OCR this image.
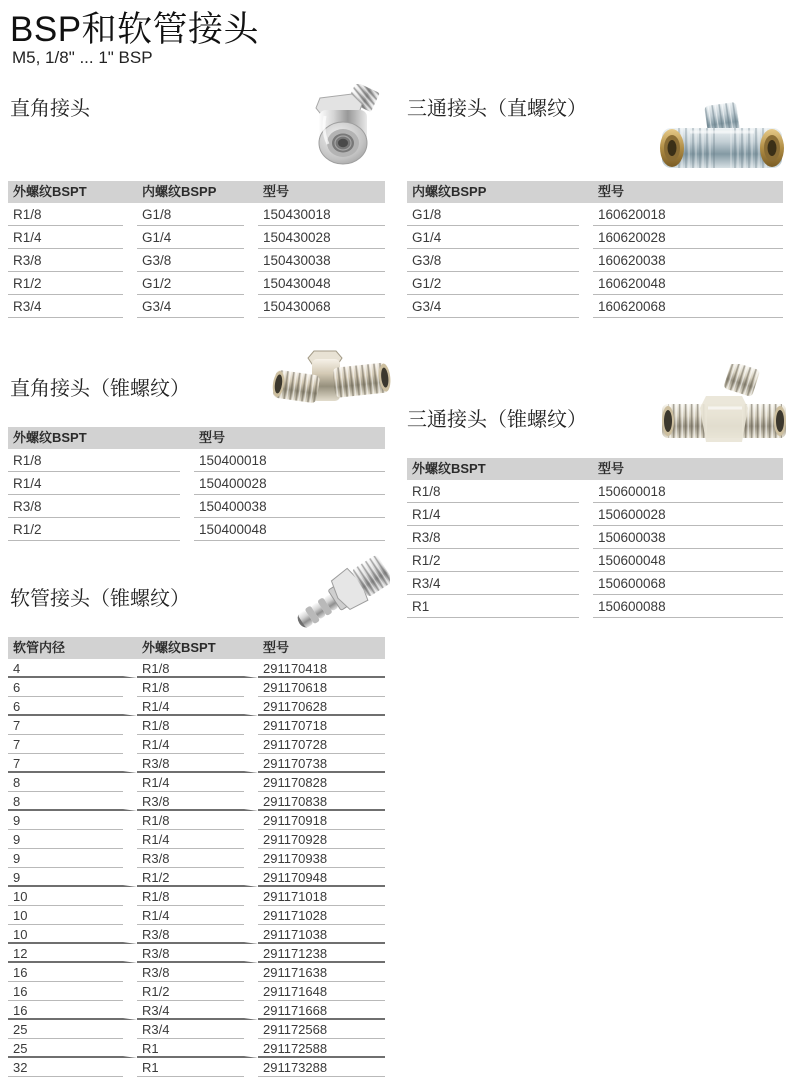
BSP和软管接头
M5, 1/8" ... 1" BSP
直角接头
外螺纹BSPT	内螺纹BSPP	型号
R1/8	G1/8	150430018
R1/4	G1/4	150430028
R3/8	G3/8	150430038
R1/2	G1/2	150430048
R3/4	G3/4	150430068
三通接头（直螺纹）
内螺纹BSPP	型号
G1/8	160620018
G1/4	160620028
G3/8	160620038
G1/2	160620048
G3/4	160620068
直角接头（锥螺纹）
外螺纹BSPT	型号
R1/8	150400018
R1/4	150400028
R3/8	150400038
R1/2	150400048
三通接头（锥螺纹）
外螺纹BSPT	型号
R1/8	150600018
R1/4	150600028
R3/8	150600038
R1/2	150600048
R3/4	150600068
R1	150600088
软管接头（锥螺纹）
软管内径	外螺纹BSPT	型号
4	R1/8	291170418
6	R1/8	291170618
6	R1/4	291170628
7	R1/8	291170718
7	R1/4	291170728
7	R3/8	291170738
8	R1/4	291170828
8	R3/8	291170838
9	R1/8	291170918
9	R1/4	291170928
9	R3/8	291170938
9	R1/2	291170948
10	R1/8	291171018
10	R1/4	291171028
10	R3/8	291171038
12	R3/8	291171238
16	R3/8	291171638
16	R1/2	291171648
16	R3/4	291171668
25	R3/4	291172568
25	R1	291172588
32	R1	291173288
